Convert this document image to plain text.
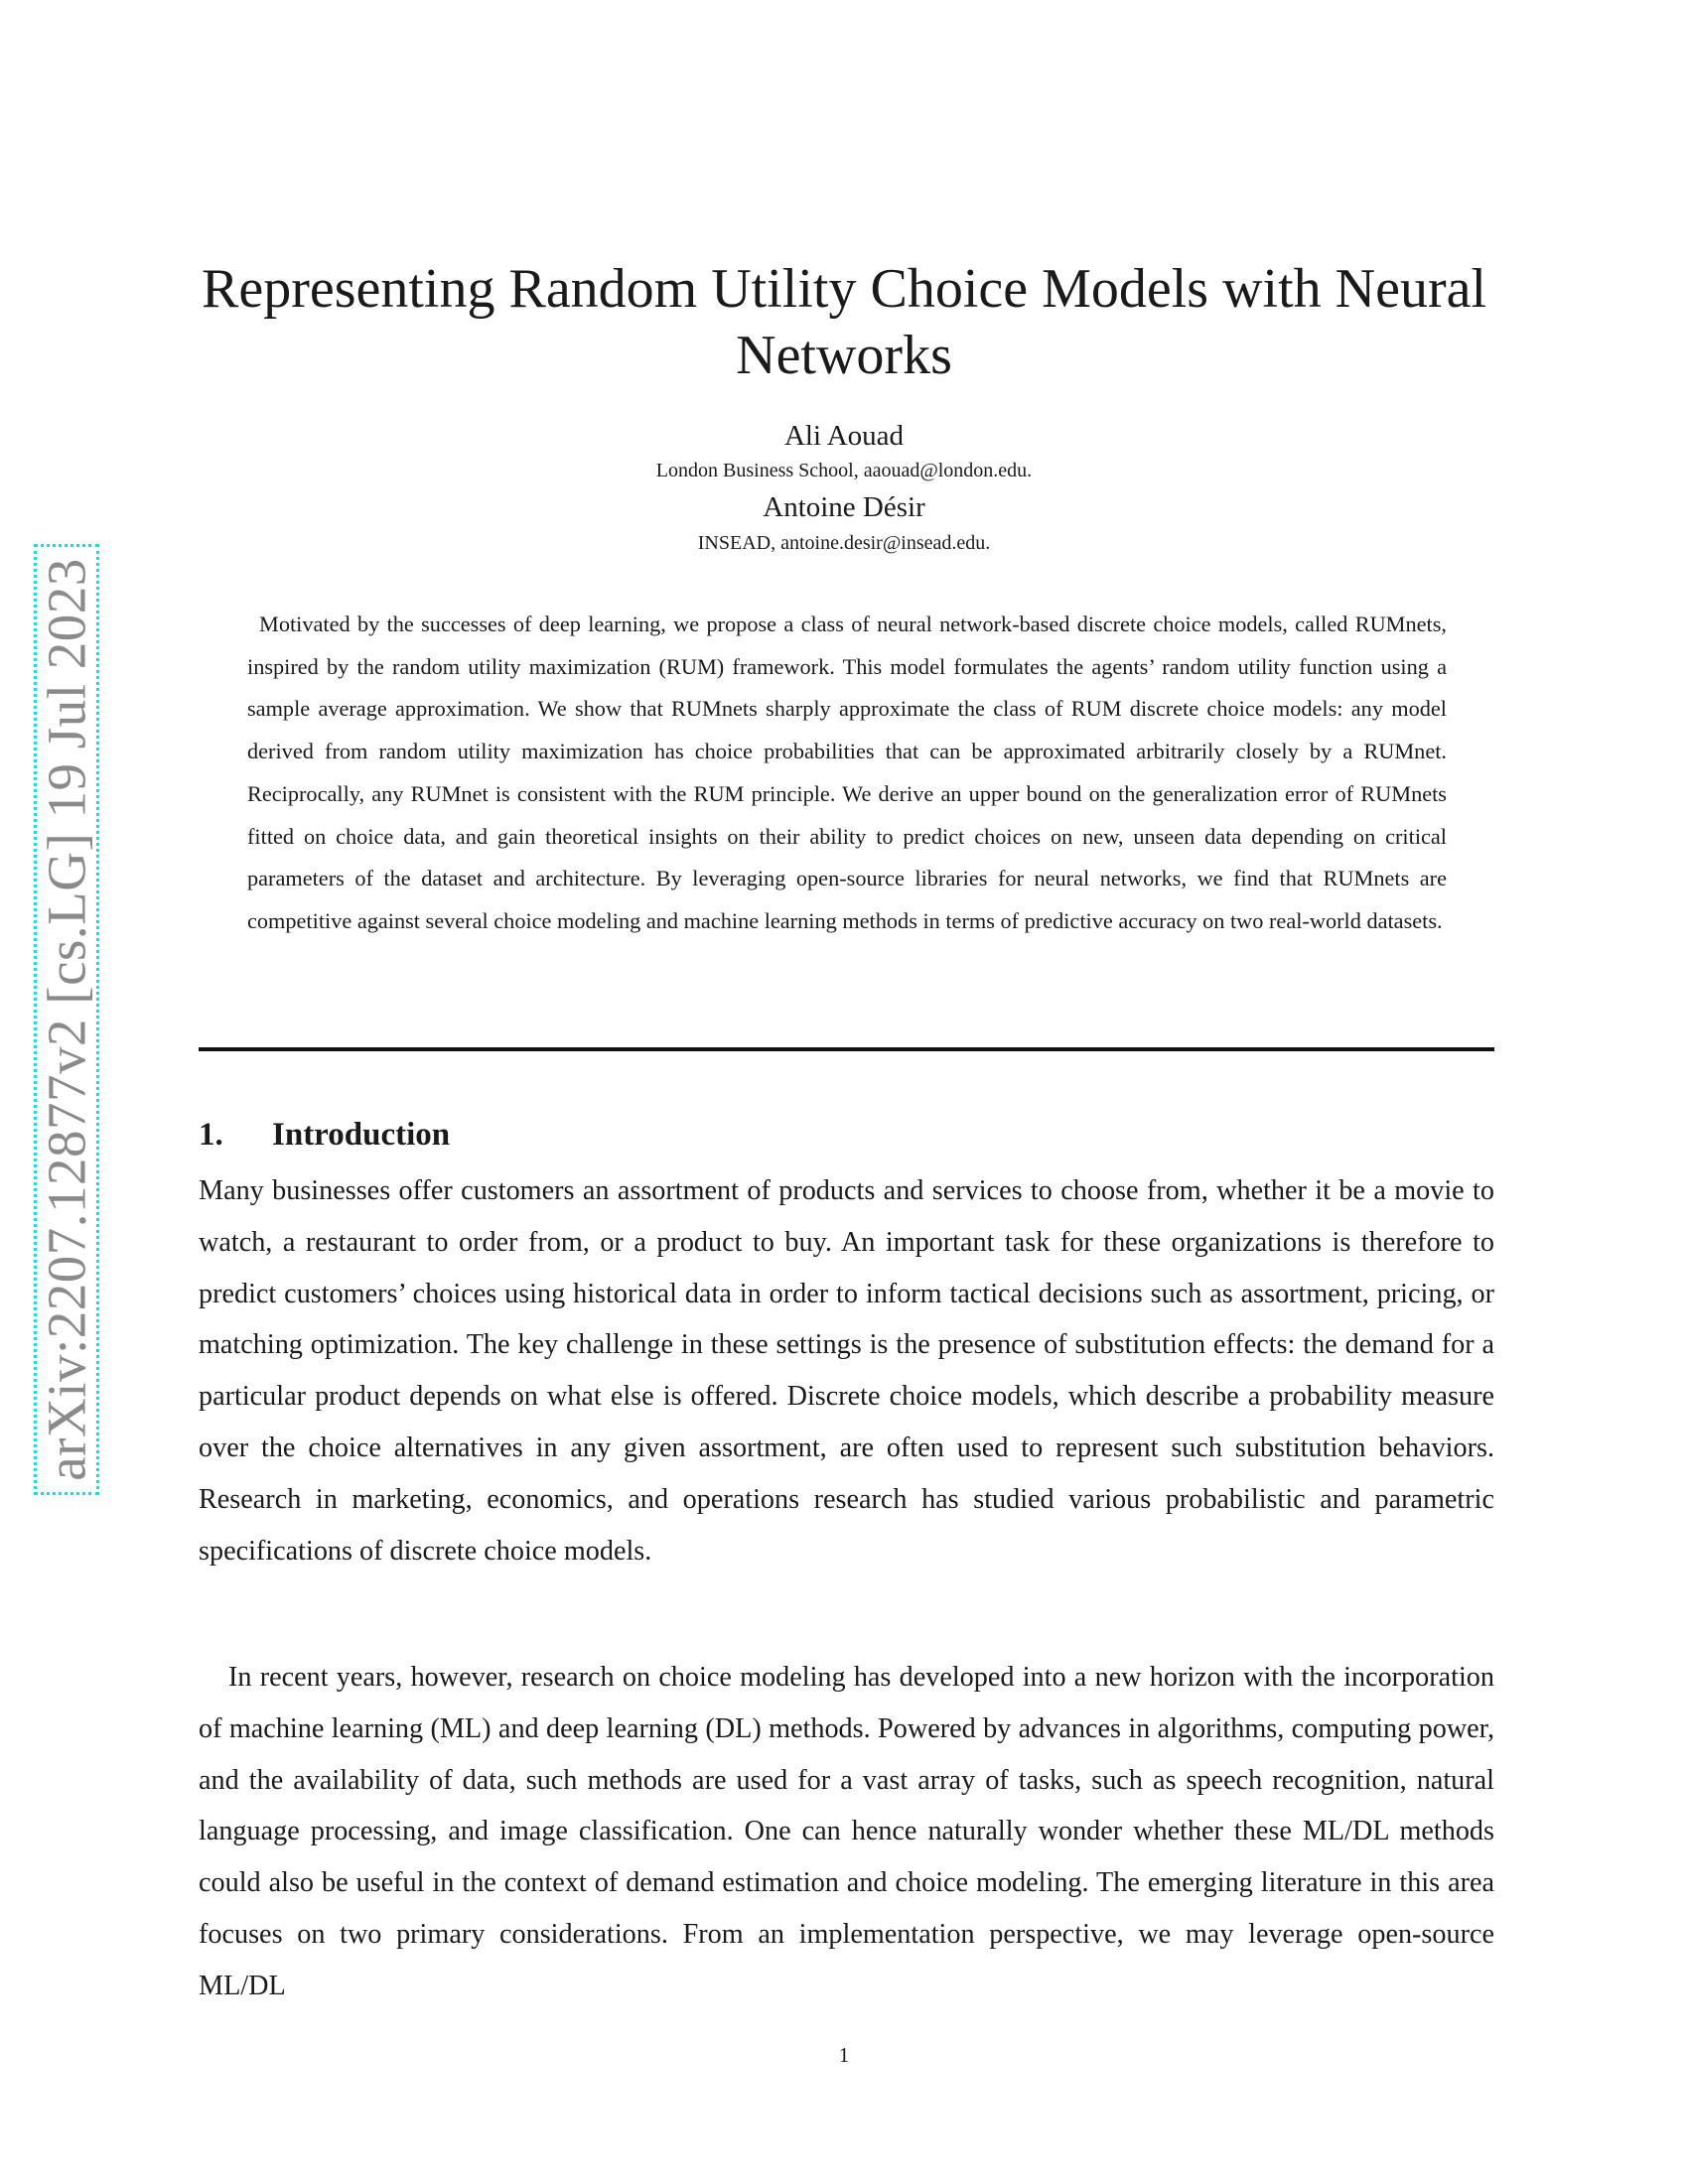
arXiv:2207.12877v2 [cs.LG] 19 Jul 2023
Representing Random Utility Choice Models with Neural Networks

Ali Aouad

London Business School, aaouad@london.edu.

Antoine Désir

INSEAD, antoine.desir@insead.edu.

Motivated by the successes of deep learning, we propose a class of neural network-based discrete choice models, called RUMnets, inspired by the random utility maximization (RUM) framework. This model formulates the agents’ random utility function using a sample average approximation. We show that RUMnets sharply approximate the class of RUM discrete choice models: any model derived from random utility maximization has choice probabilities that can be approximated arbitrarily closely by a RUMnet. Reciprocally, any RUMnet is consistent with the RUM principle. We derive an upper bound on the generalization error of RUMnets fitted on choice data, and gain theoretical insights on their ability to predict choices on new, unseen data depending on critical parameters of the dataset and architecture. By leveraging open-source libraries for neural networks, we find that RUMnets are competitive against several choice modeling and machine learning methods in terms of predictive accuracy on two real-world datasets.

1. Introduction

Many businesses offer customers an assortment of products and services to choose from, whether it be a movie to watch, a restaurant to order from, or a product to buy. An important task for these organizations is therefore to predict customers’ choices using historical data in order to inform tactical decisions such as assortment, pricing, or matching optimization. The key challenge in these settings is the presence of substitution effects: the demand for a particular product depends on what else is offered. Discrete choice models, which describe a probability measure over the choice alternatives in any given assortment, are often used to represent such substitution behaviors. Research in marketing, economics, and operations research has studied various probabilistic and parametric specifications of discrete choice models.

In recent years, however, research on choice modeling has developed into a new horizon with the incorporation of machine learning (ML) and deep learning (DL) methods. Powered by advances in algorithms, computing power, and the availability of data, such methods are used for a vast array of tasks, such as speech recognition, natural language processing, and image classification. One can hence naturally wonder whether these ML/DL methods could also be useful in the context of demand estimation and choice modeling. The emerging literature in this area focuses on two primary considerations. From an implementation perspective, we may leverage open-source ML/DL

1
